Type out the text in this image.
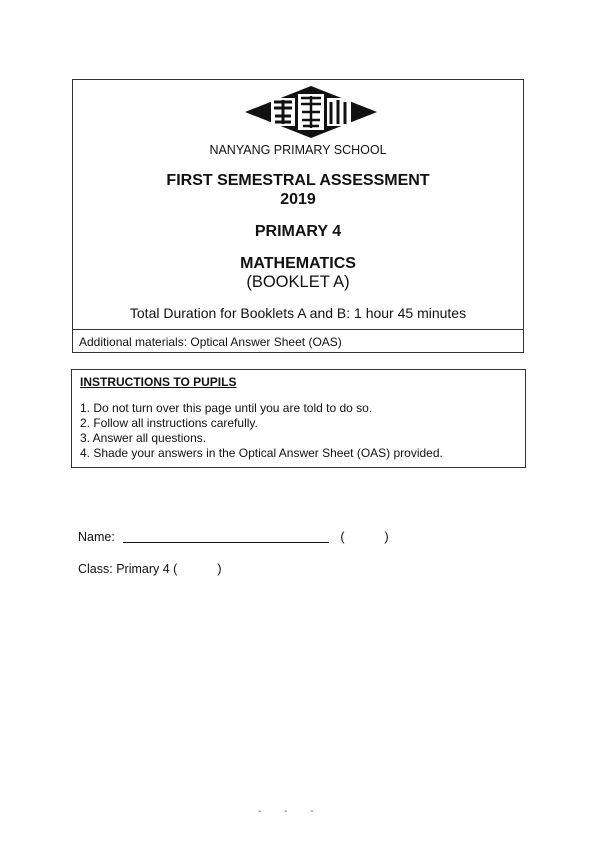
NANYANG PRIMARY SCHOOL
FIRST SEMESTRAL ASSESSMENT
2019
PRIMARY 4
MATHEMATICS
(BOOKLET A)
Total Duration for Booklets A and B: 1 hour 45 minutes
Additional materials: Optical Answer Sheet (OAS)
INSTRUCTIONS TO PUPILS
1. Do not turn over this page until you are told to do so.
2. Follow all instructions carefully.
3. Answer all questions.
4. Shade your answers in the Optical Answer Sheet (OAS) provided.
Name:	(	)
Class: Primary 4 (	)
- - -
